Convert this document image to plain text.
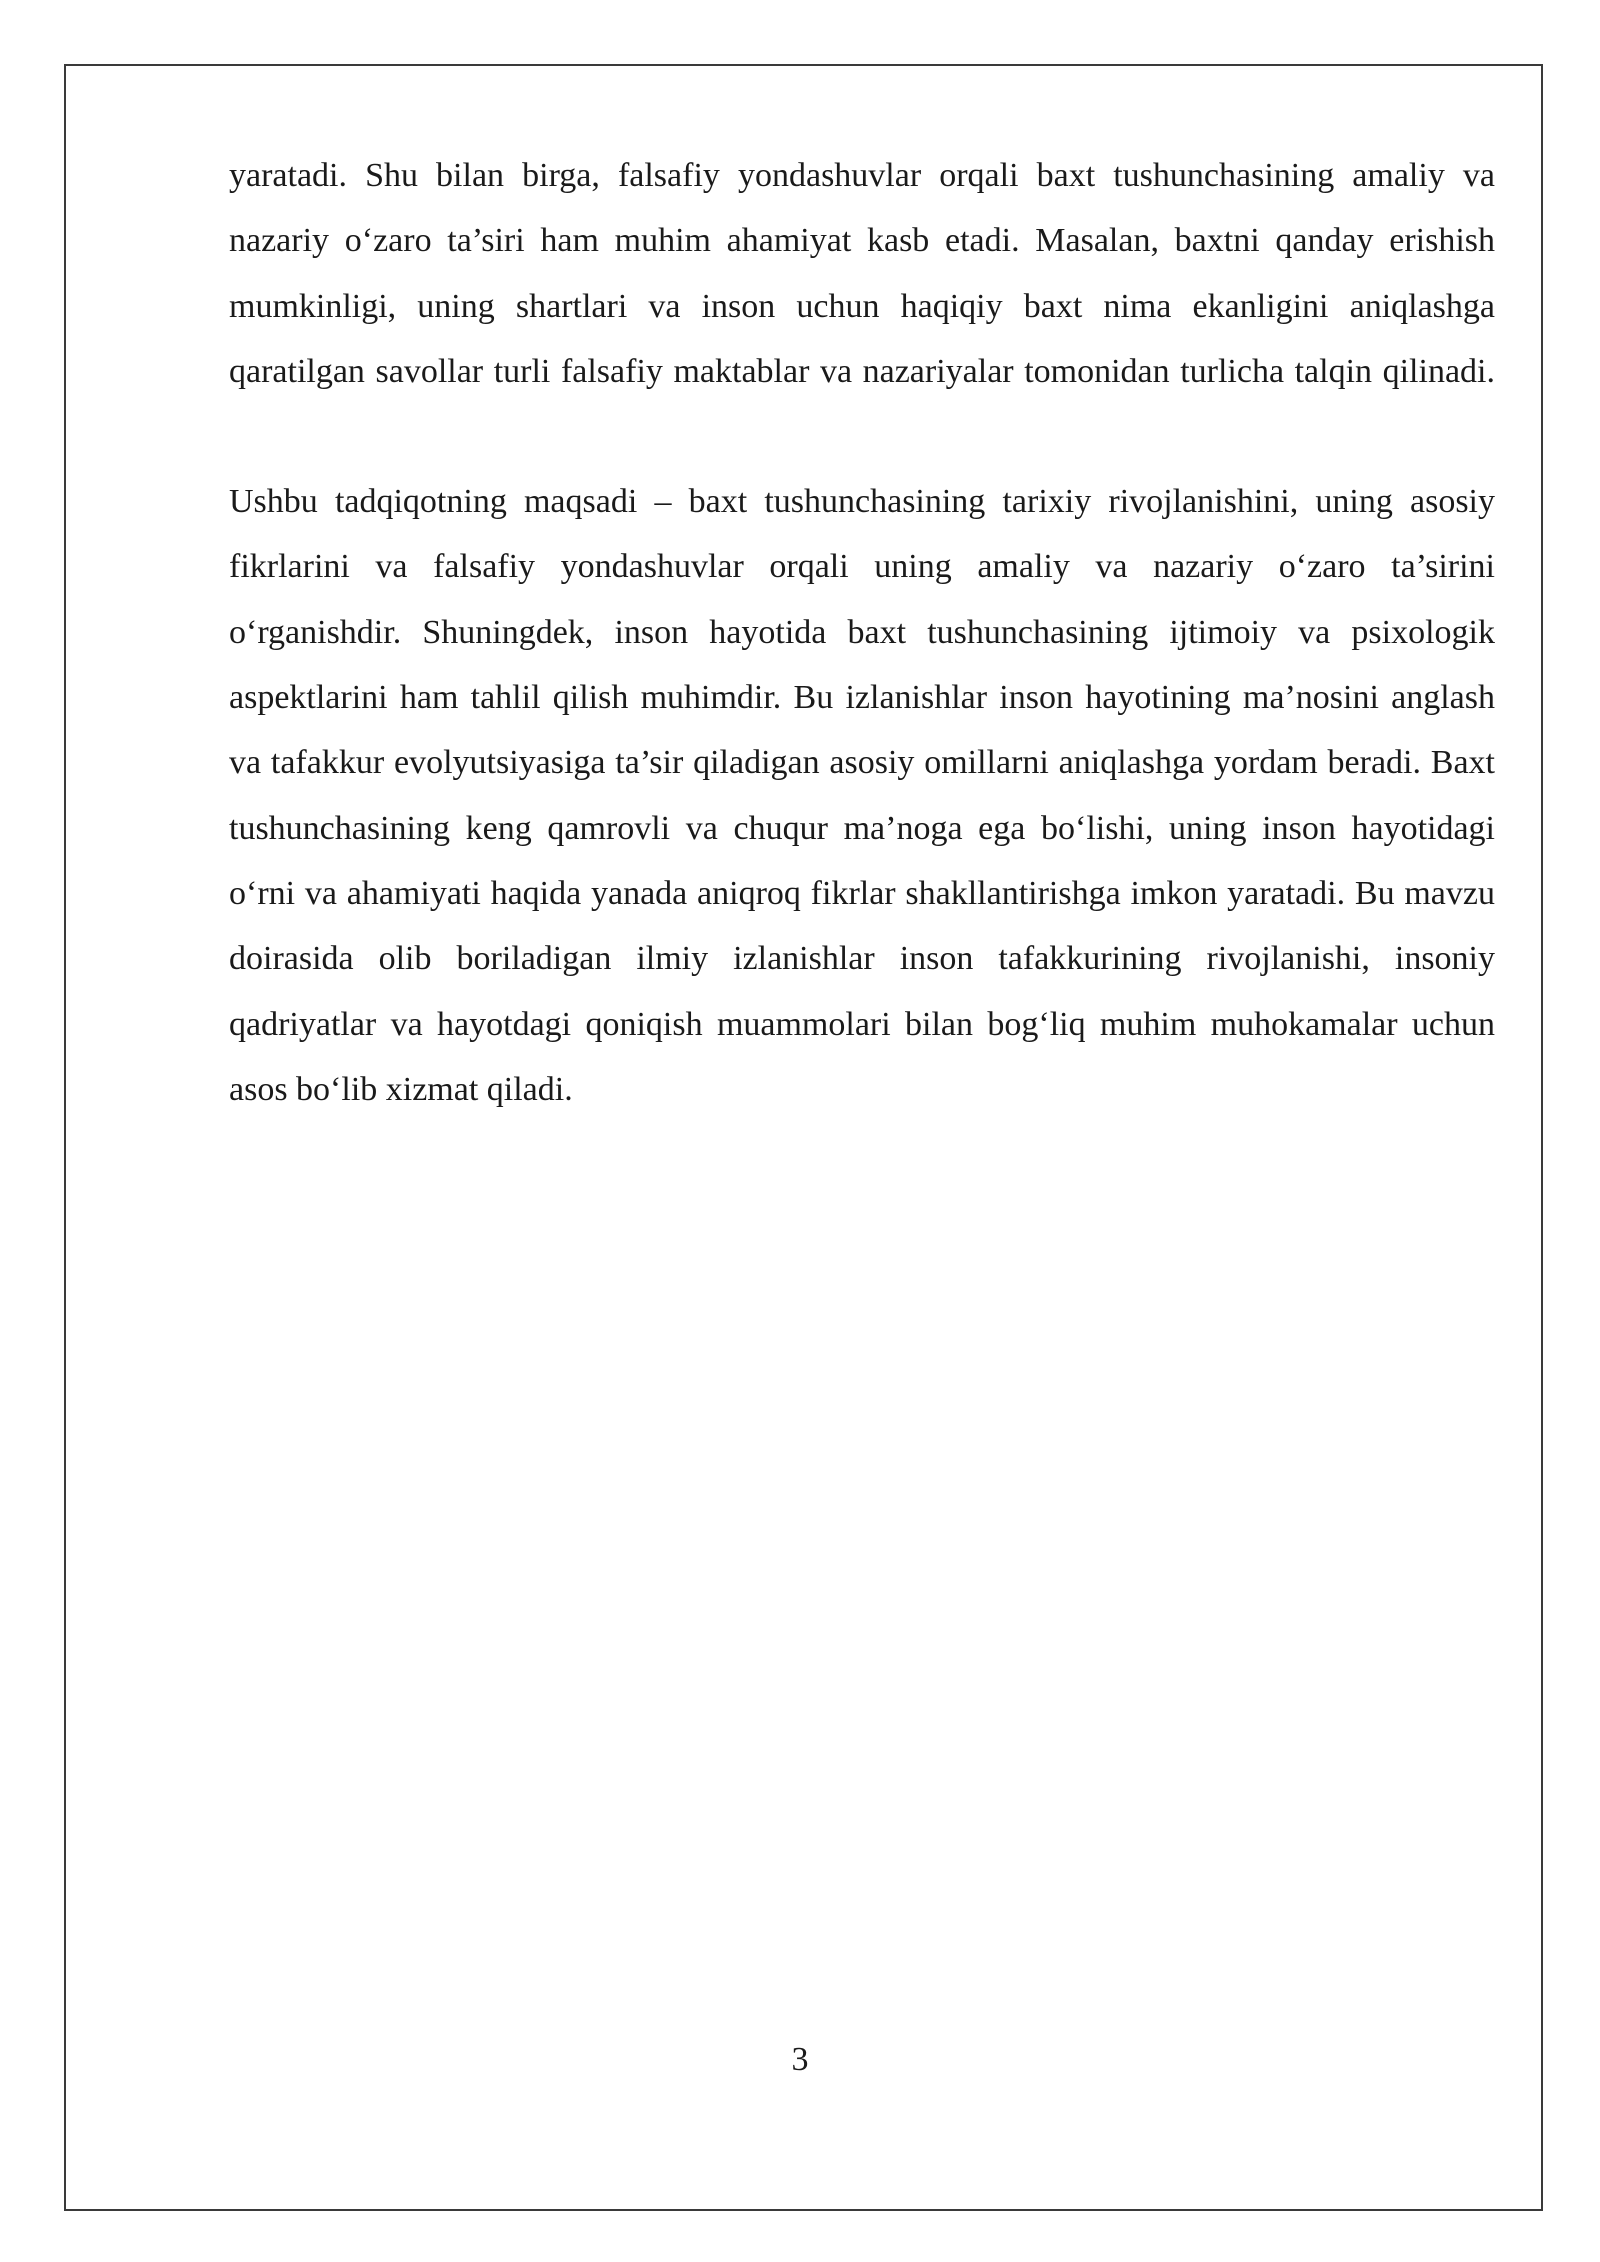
yaratadi. Shu bilan birga, falsafiy yondashuvlar orqali baxt tushunchasining amaliy va nazariy o‘zaro ta’siri ham muhim ahamiyat kasb etadi. Masalan, baxtni qanday erishish mumkinligi, uning shartlari va inson uchun haqiqiy baxt nima ekanligini aniqlashga qaratilgan savollar turli falsafiy maktablar va nazariyalar tomonidan turlicha talqin qilinadi.

Ushbu tadqiqotning maqsadi – baxt tushunchasining tarixiy rivojlanishini, uning asosiy fikrlarini va falsafiy yondashuvlar orqali uning amaliy va nazariy o‘zaro ta’sirini o‘rganishdir. Shuningdek, inson hayotida baxt tushunchasining ijtimoiy va psixologik aspektlarini ham tahlil qilish muhimdir. Bu izlanishlar inson hayotining ma’nosini anglash va tafakkur evolyutsiyasiga ta’sir qiladigan asosiy omillarni aniqlashga yordam beradi. Baxt tushunchasining keng qamrovli va chuqur ma’noga ega bo‘lishi, uning inson hayotidagi o‘rni va ahamiyati haqida yanada aniqroq fikrlar shakllantirishga imkon yaratadi. Bu mavzu doirasida olib boriladigan ilmiy izlanishlar inson tafakkurining rivojlanishi, insoniy qadriyatlar va hayotdagi qoniqish muammolari bilan bog‘liq muhim muhokamalar uchun asos bo‘lib xizmat qiladi.

3
